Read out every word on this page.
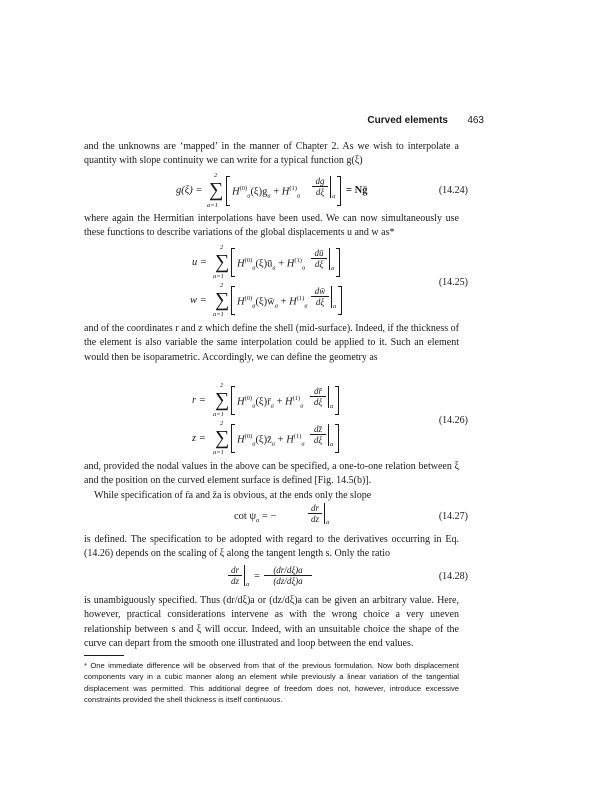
Curved elements 463

and the unknowns are ‘mapped’ in the manner of Chapter 2. As we wish to interpolate a quantity with slope continuity we can write for a typical function g(ξ)

g(ξ) =
2
∑
a=1
$H^{(0)}_a(\xi)g_a + H^{(1)}_a \frac{dg}{d\xi}$ a
= Nḡ	(14.24)

where again the Hermitian interpolations have been used. We can now simultaneously use these functions to describe variations of the global displacements u and w as*

u =
2
∑
a=1
$H^{(0)}_a(\xi)ū_a + H^{(1)}_a \frac{dū}{d\xi}$ a
w =
2
∑
a=1
$H^{(0)}_a(\xi)w̄_a + H^{(1)}_a \frac{dw̄}{d\xi}$ a
(14.25)

and of the coordinates r and z which define the shell (mid-surface). Indeed, if the thickness of the element is also variable the same interpolation could be applied to it. Such an element would then be isoparametric. Accordingly, we can define the geometry as

r =
2
∑
a=1
$H^{(0)}_a(\xi)r̄_a + H^{(1)}_a \frac{dr̄}{d\xi}$ a
z =
2
∑
a=1
$H^{(0)}_a(\xi)z̄_a + H^{(1)}_a \frac{dz̄}{d\xi}$ a
(14.26)

and, provided the nodal values in the above can be specified, a one-to-one relation between ξ and the position on the curved element surface is defined [Fig. 14.5(b)].

While specification of r̄a and z̄a is obvious, at the ends only the slope

$\cot \psi_a$ = −	$\frac{dr}{dz}$ a
(14.27)

is defined. The specification to be adopted with regard to the derivatives occurring in Eq. (14.26) depends on the scaling of ξ along the tangent length s. Only the ratio

$\frac{dr}{dz}$ a
= $\frac{(dr/d\xi)a}{(dz/d\xi)a}$	(14.28)

is unambiguously specified. Thus (dr/dξ)a or (dz/dξ)a can be given an arbitrary value. Here, however, practical considerations intervene as with the wrong choice a very uneven relationship between s and ξ will occur. Indeed, with an unsuitable choice the shape of the curve can depart from the smooth one illustrated and loop between the end values.

* One immediate difference will be observed from that of the previous formulation. Now both displacement components vary in a cubic manner along an element while previously a linear variation of the tangential displacement was permitted. This additional degree of freedom does not, however, introduce excessive constraints provided the shell thickness is itself continuous.
